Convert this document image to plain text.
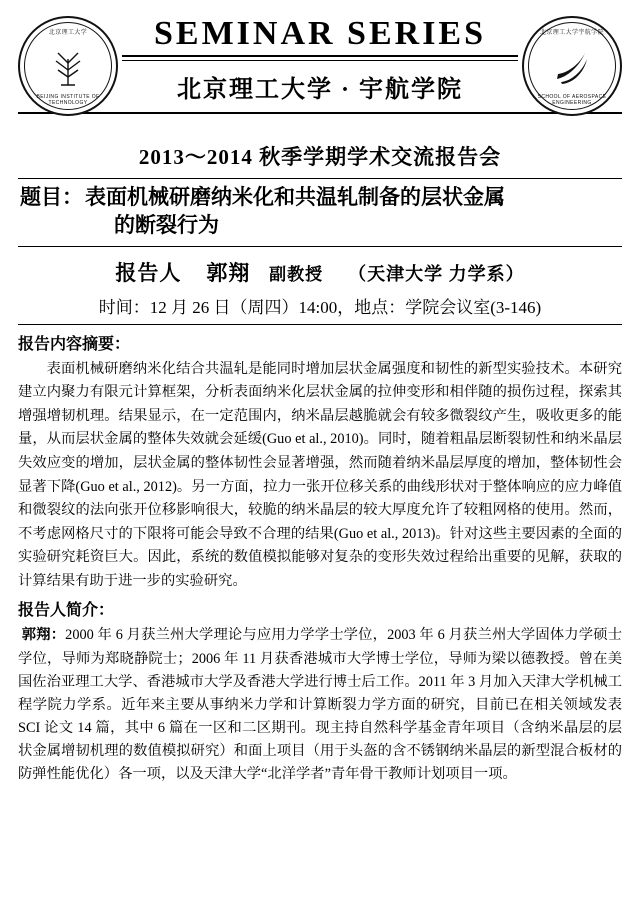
北京理工大学
BEIJING INSTITUTE OF TECHNOLOGY
北京理工大学宇航学院
SCHOOL OF AEROSPACE ENGINEERING
SEMINAR SERIES
北京理工大学 · 宇航学院
2013～2014 秋季学期学术交流报告会
题目：表面机械研磨纳米化和共温轧制备的层状金属
的断裂行为
报告人 郭翔 副教授 （天津大学 力学系）
时间：12 月 26 日（周四）14:00，地点：学院会议室(3-146)
报告内容摘要：
表面机械研磨纳米化结合共温轧是能同时增加层状金属强度和韧性的新型实验技术。本研究建立内聚力有限元计算框架，分析表面纳米化层状金属的拉伸变形和相伴随的损伤过程，探索其增强增韧机理。结果显示，在一定范围内，纳米晶层越脆就会有较多微裂纹产生，吸收更多的能量，从而层状金属的整体失效就会延缓(Guo et al., 2010)。同时，随着粗晶层断裂韧性和纳米晶层失效应变的增加，层状金属的整体韧性会显著增强，然而随着纳米晶层厚度的增加，整体韧性会显著下降(Guo et al., 2012)。另一方面，拉力一张开位移关系的曲线形状对于整体响应的应力峰值和微裂纹的法向张开位移影响很大，较脆的纳米晶层的较大厚度允许了较粗网格的使用。然而，不考虑网格尺寸的下限将可能会导致不合理的结果(Guo et al., 2013)。针对这些主要因素的全面的实验研究耗资巨大。因此，系统的数值模拟能够对复杂的变形失效过程给出重要的见解，获取的计算结果有助于进一步的实验研究。
报告人简介：
郭翔：2000 年 6 月获兰州大学理论与应用力学学士学位，2003 年 6 月获兰州大学固体力学硕士学位，导师为郑晓静院士；2006 年 11 月获香港城市大学博士学位，导师为梁以德教授。曾在美国佐治亚理工大学、香港城市大学及香港大学进行博士后工作。2011 年 3 月加入天津大学机械工程学院力学系。近年来主要从事纳米力学和计算断裂力学方面的研究，目前已在相关领域发表 SCI 论文 14 篇，其中 6 篇在一区和二区期刊。现主持自然科学基金青年项目（含纳米晶层的层状金属增韧机理的数值模拟研究）和面上项目（用于头盔的含不锈钢纳米晶层的新型混合板材的防弹性能优化）各一项，以及天津大学“北洋学者”青年骨干教师计划项目一项。
